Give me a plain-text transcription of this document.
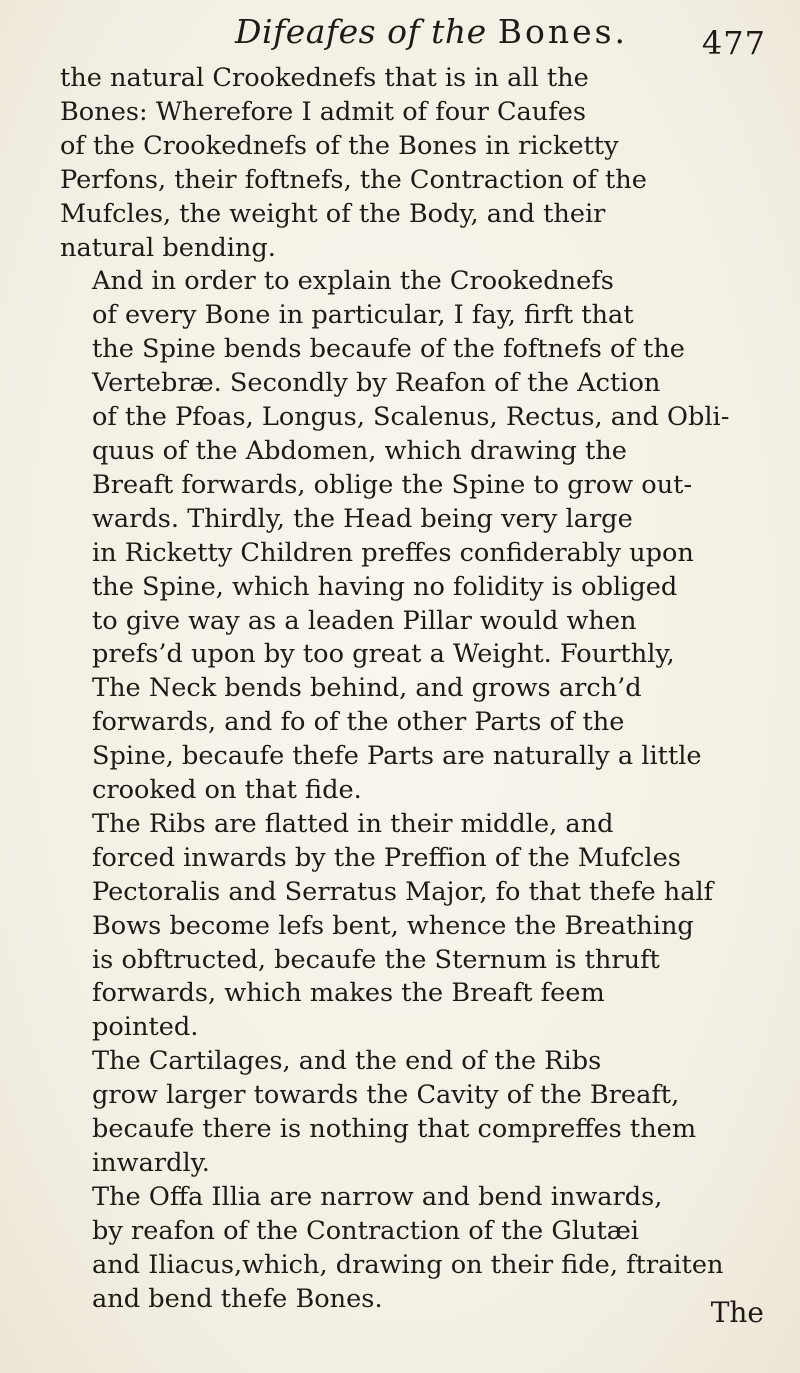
Difeafes of the Bones. 477

the natural Crookednefs that is in all the
Bones: Wherefore I admit of four Caufes
of the Crookednefs of the Bones in ricketty
Perfons, their foftnefs, the Contraction of the
Mufcles, the weight of the Body, and their
natural bending.

And in order to explain the Crookednefs
of every Bone in particular, I fay, firft that
the Spine bends becaufe of the foftnefs of the
Vertebræ. Secondly by Reafon of the Action
of the Pfoas, Longus, Scalenus, Rectus, and Obli-
quus of the Abdomen, which drawing the
Breaft forwards, oblige the Spine to grow out-
wards. Thirdly, the Head being very large
in Ricketty Children preffes confiderably upon
the Spine, which having no folidity is obliged
to give way as a leaden Pillar would when
prefs’d upon by too great a Weight. Fourthly,
The Neck bends behind, and grows arch’d
forwards, and fo of the other Parts of the
Spine, becaufe thefe Parts are naturally a little
crooked on that fide.

The Ribs are flatted in their middle, and
forced inwards by the Preffion of the Mufcles
Pectoralis and Serratus Major, fo that thefe half
Bows become lefs bent, whence the Breathing
is obftructed, becaufe the Sternum is thruft
forwards, which makes the Breaft feem
pointed.

The Cartilages, and the end of the Ribs
grow larger towards the Cavity of the Breaft,
becaufe there is nothing that compreffes them
inwardly.

The Offa Illia are narrow and bend inwards,
by reafon of the Contraction of the Glutæi
and Iliacus,which, drawing on their fide, ftraiten
and bend thefe Bones.	The
